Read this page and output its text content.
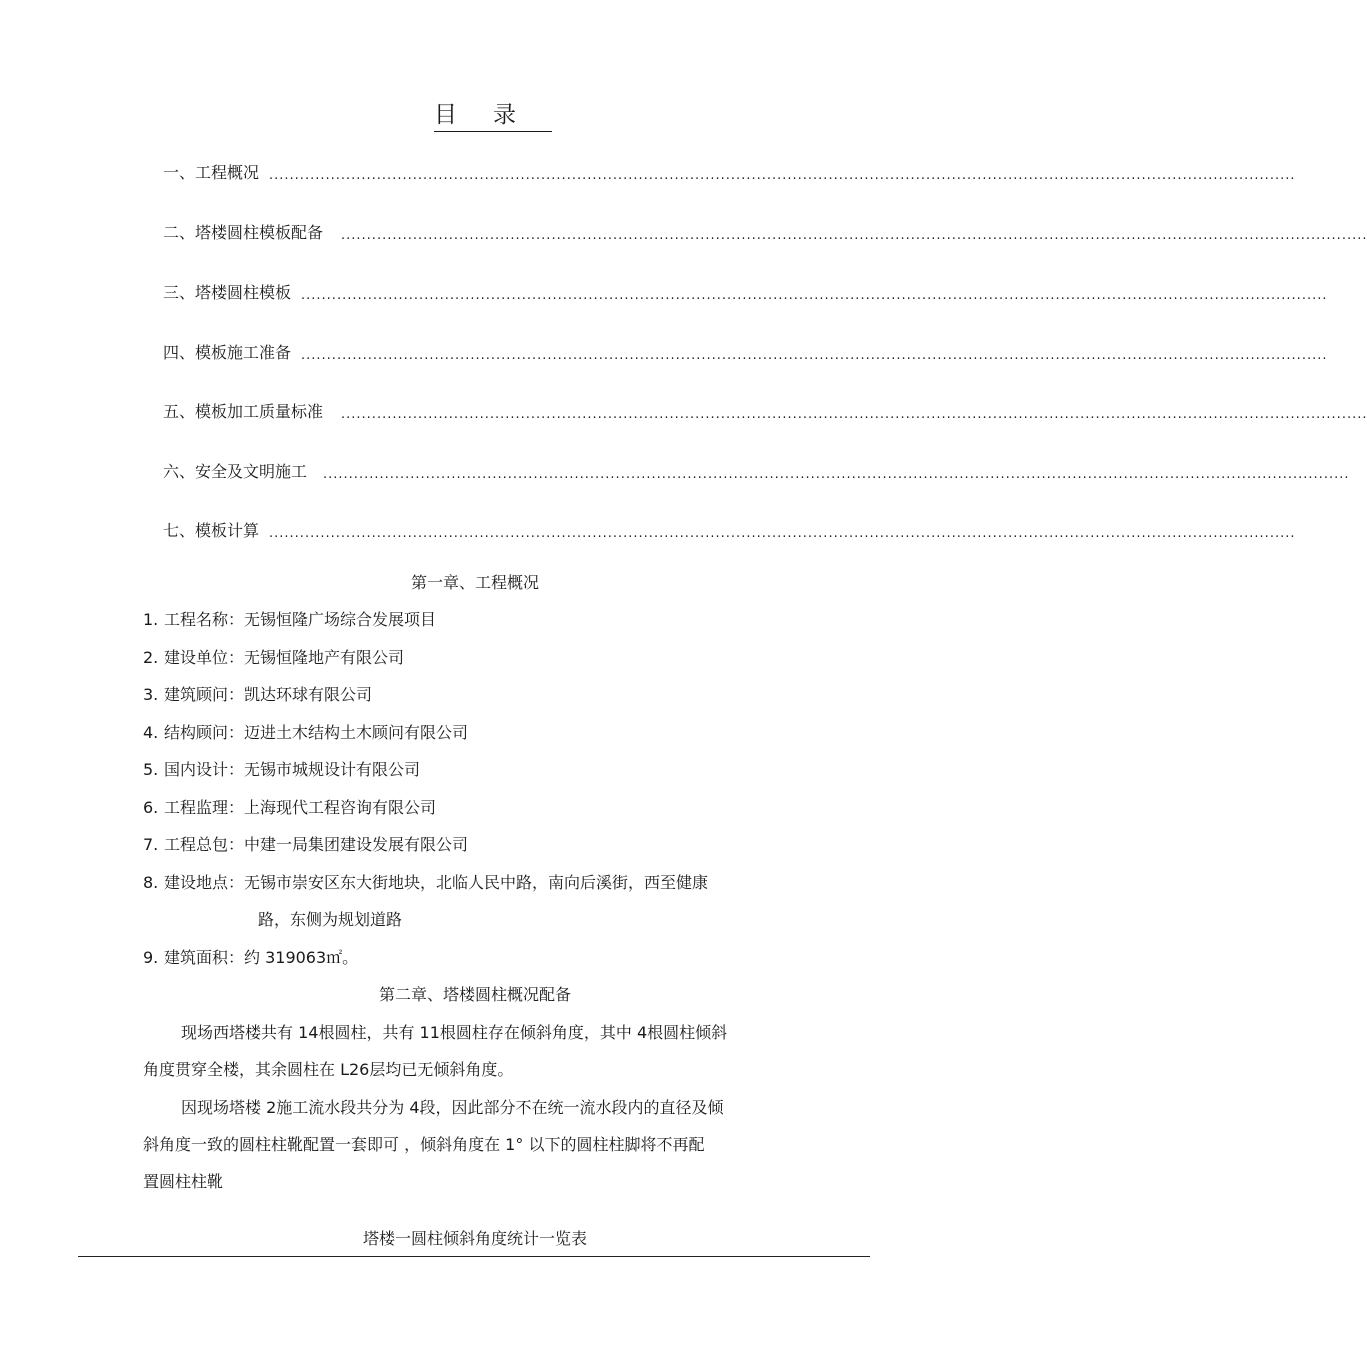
目录
一、工程概况 ........................................................................................................................................................................................................
二、塔楼圆柱模板配备 ........................................................................................................................................................................................................
三、塔楼圆柱模板 ........................................................................................................................................................................................................
四、模板施工准备 ........................................................................................................................................................................................................
五、模板加工质量标准 ........................................................................................................................................................................................................
六、安全及文明施工 ........................................................................................................................................................................................................
七、模板计算 ........................................................................................................................................................................................................
第一章、工程概况
1. 工程名称：无锡恒隆广场综合发展项目
2. 建设单位：无锡恒隆地产有限公司
3. 建筑顾问：凯达环球有限公司
4. 结构顾问：迈进土木结构土木顾问有限公司
5. 国内设计：无锡市城规设计有限公司
6. 工程监理：上海现代工程咨询有限公司
7. 工程总包：中建一局集团建设发展有限公司
8. 建设地点：无锡市崇安区东大街地块，北临人民中路，南向后溪街，西至健康
路，东侧为规划道路
9. 建筑面积：约 319063㎡。
第二章、塔楼圆柱概况配备
现场西塔楼共有 14根圆柱，共有 11根圆柱存在倾斜角度，其中 4根圆柱倾斜
角度贯穿全楼，其余圆柱在 L26层均已无倾斜角度。
因现场塔楼 2施工流水段共分为 4段，因此部分不在统一流水段内的直径及倾
斜角度一致的圆柱柱靴配置一套即可 ，倾斜角度在 1° 以下的圆柱柱脚将不再配
置圆柱柱靴
塔楼一圆柱倾斜角度统计一览表
